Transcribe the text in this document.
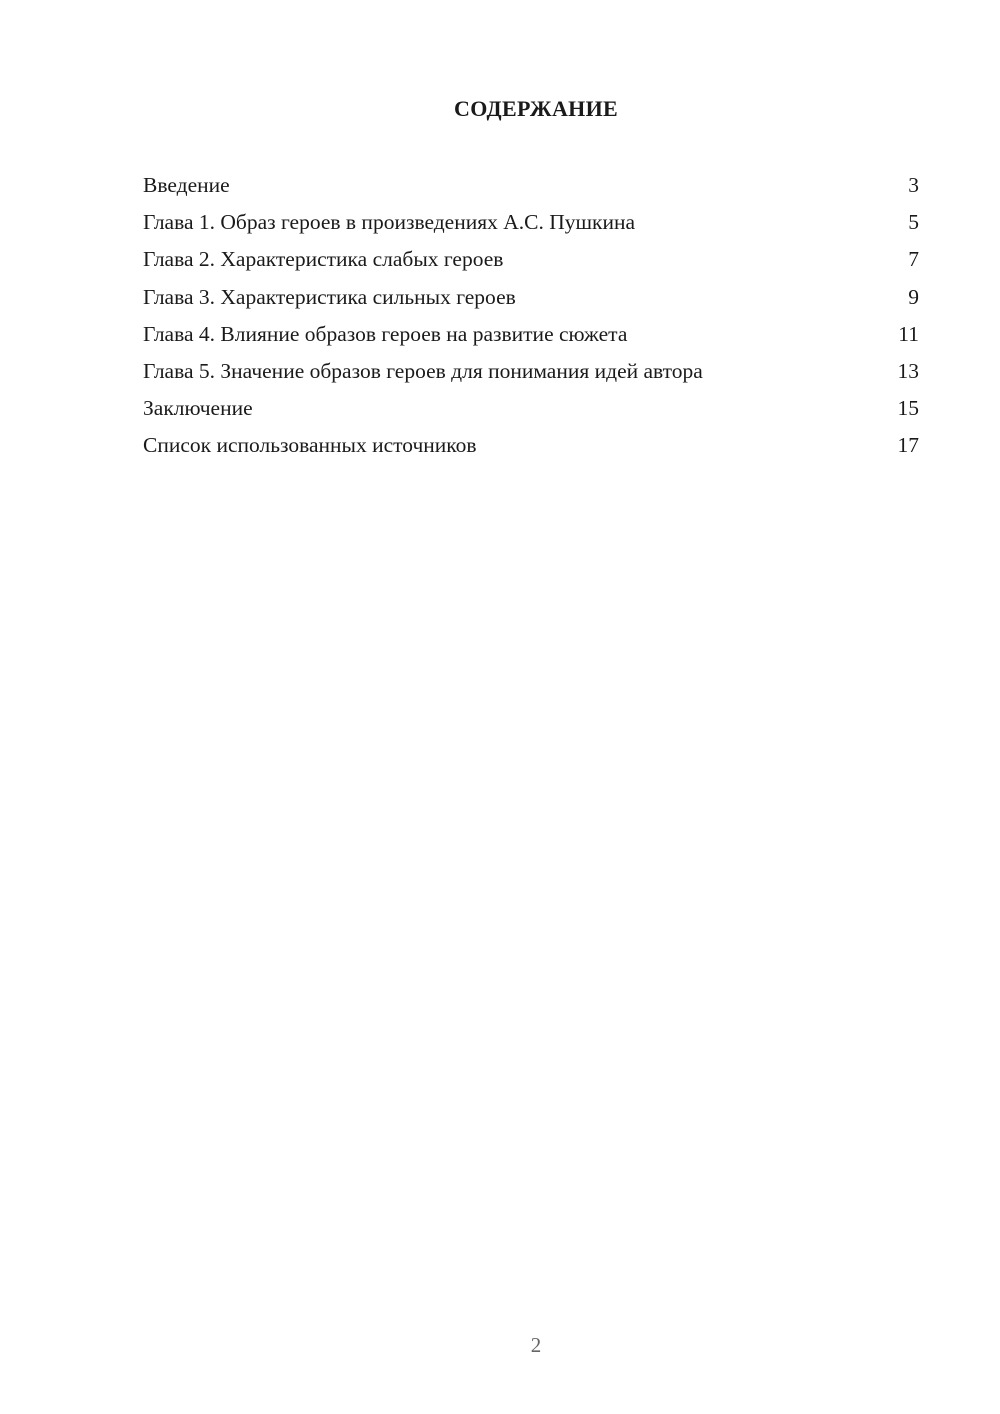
СОДЕРЖАНИЕ
Введение	3
Глава 1. Образ героев в произведениях А.С. Пушкина	5
Глава 2. Характеристика слабых героев	7
Глава 3. Характеристика сильных героев	9
Глава 4. Влияние образов героев на развитие сюжета	11
Глава 5. Значение образов героев для понимания идей автора	13
Заключение	15
Список использованных источников	17
2
